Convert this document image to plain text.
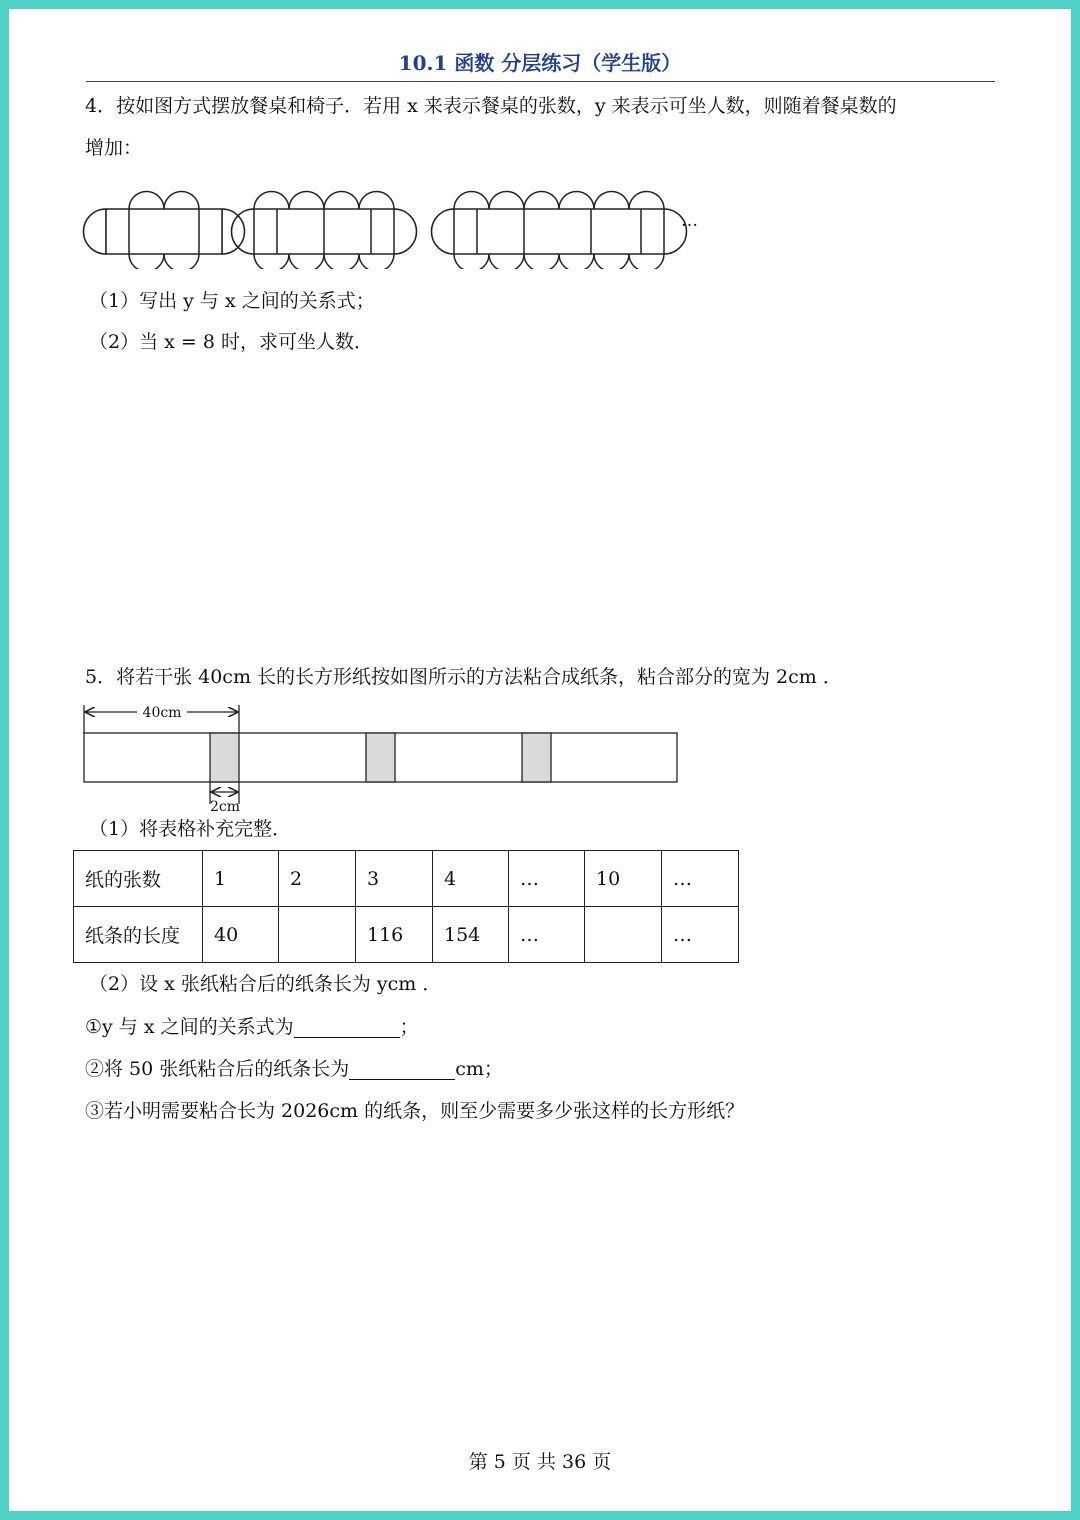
10.1 函数 分层练习（学生版）
4．按如图方式摆放餐桌和椅子．若用 x 来表示餐桌的张数，y 来表示可坐人数，则随着餐桌数的
增加：
…
（1）写出 y 与 x 之间的关系式；
（2）当 x = 8 时，求可坐人数．
5．将若干张 40cm 长的长方形纸按如图所示的方法粘合成纸条，粘合部分的宽为 2cm ．
40cm
2cm
（1）将表格补充完整．
纸的张数	1	2	3	4	…	10	…
纸条的长度	40		116	154	…		…
（2）设 x 张纸粘合后的纸条长为 ycm ．
①y 与 x 之间的关系式为	；
②将 50 张纸粘合后的纸条长为	cm；
③若小明需要粘合长为 2026cm 的纸条，则至少需要多少张这样的长方形纸？
第 5 页 共 36 页
